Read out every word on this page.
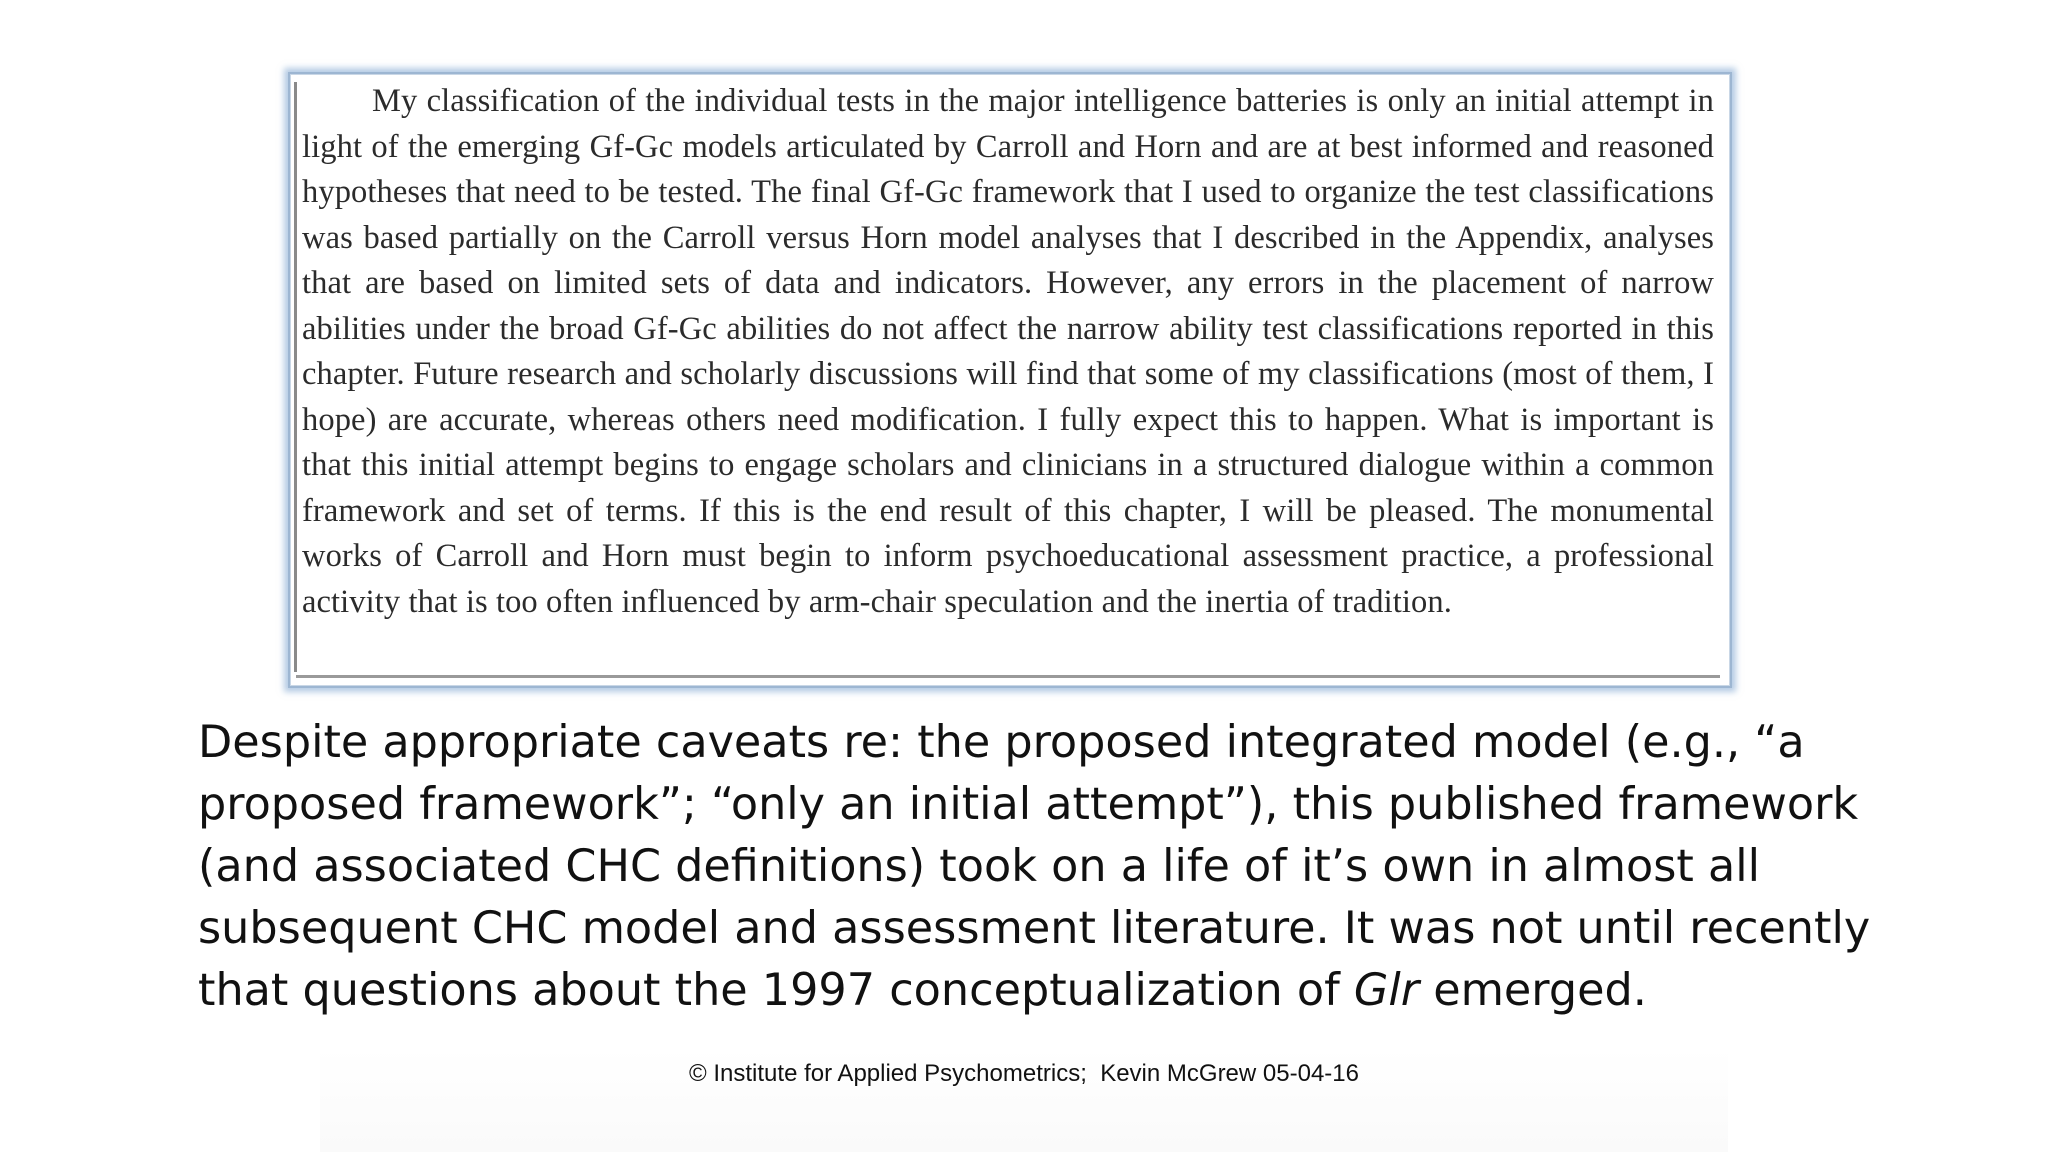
My classification of the individual tests in the major intelligence batteries is only an initial attempt in light of the emerging Gf-Gc models articulated by Carroll and Horn and are at best informed and reasoned hypotheses that need to be tested. The final Gf-Gc framework that I used to organize the test classifications was based partially on the Carroll versus Horn model analyses that I described in the Appendix, analyses that are based on limited sets of data and indicators. However, any errors in the placement of narrow abilities under the broad Gf-Gc abilities do not affect the narrow ability test classifications reported in this chapter. Future research and scholarly discussions will find that some of my classifications (most of them, I hope) are accurate, whereas others need modification. I fully expect this to happen. What is important is that this initial attempt begins to engage scholars and clinicians in a structured dialogue within a common framework and set of terms. If this is the end result of this chapter, I will be pleased. The monumental works of Carroll and Horn must begin to inform psychoeducational assessment practice, a professional activity that is too often influenced by arm-chair speculation and the inertia of tradition.

Despite appropriate caveats re: the proposed integrated model (e.g., “a proposed framework”; “only an initial attempt”), this published framework (and associated CHC definitions) took on a life of it’s own in almost all subsequent CHC model and assessment literature. It was not until recently that questions about the 1997 conceptualization of Glr emerged.

© Institute for Applied Psychometrics;  Kevin McGrew 05-04-16
